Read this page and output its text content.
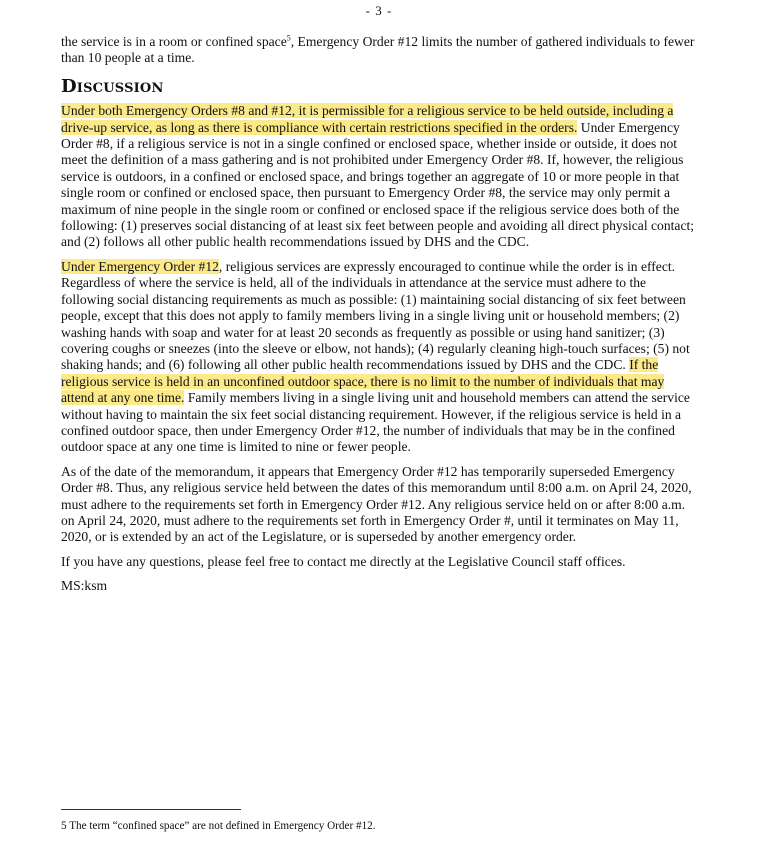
- 3 -

the service is in a room or confined space$^5$, Emergency Order #12 limits the number of gathered individuals to fewer than 10 people at a time.

Discussion

Under both Emergency Orders #8 and #12, it is permissible for a religious service to be held outside, including a drive-up service, as long as there is compliance with certain restrictions specified in the orders. Under Emergency Order #8, if a religious service is not in a single confined or enclosed space, whether inside or outside, it does not meet the definition of a mass gathering and is not prohibited under Emergency Order #8. If, however, the religious service is outdoors, in a confined or enclosed space, and brings together an aggregate of 10 or more people in that single room or confined or enclosed space, then pursuant to Emergency Order #8, the service may only permit a maximum of nine people in the single room or confined or enclosed space if the religious service does both of the following: (1) preserves social distancing of at least six feet between people and avoiding all direct physical contact; and (2) follows all other public health recommendations issued by DHS and the CDC.

Under Emergency Order #12, religious services are expressly encouraged to continue while the order is in effect. Regardless of where the service is held, all of the individuals in attendance at the service must adhere to the following social distancing requirements as much as possible: (1) maintaining social distancing of six feet between people, except that this does not apply to family members living in a single living unit or household members; (2) washing hands with soap and water for at least 20 seconds as frequently as possible or using hand sanitizer; (3) covering coughs or sneezes (into the sleeve or elbow, not hands); (4) regularly cleaning high-touch surfaces; (5) not shaking hands; and (6) following all other public health recommendations issued by DHS and the CDC. If the religious service is held in an unconfined outdoor space, there is no limit to the number of individuals that may attend at any one time. Family members living in a single living unit and household members can attend the service without having to maintain the six feet social distancing requirement. However, if the religious service is held in a confined outdoor space, then under Emergency Order #12, the number of individuals that may be in the confined outdoor space at any one time is limited to nine or fewer people.

As of the date of the memorandum, it appears that Emergency Order #12 has temporarily superseded Emergency Order #8. Thus, any religious service held between the dates of this memorandum until 8:00 a.m. on April 24, 2020, must adhere to the requirements set forth in Emergency Order #12. Any religious service held on or after 8:00 a.m. on April 24, 2020, must adhere to the requirements set forth in Emergency Order #, until it terminates on May 11, 2020, or is extended by an act of the Legislature, or is superseded by another emergency order.

If you have any questions, please feel free to contact me directly at the Legislative Council staff offices.

MS:ksm

5 The term “confined space” are not defined in Emergency Order #12.
